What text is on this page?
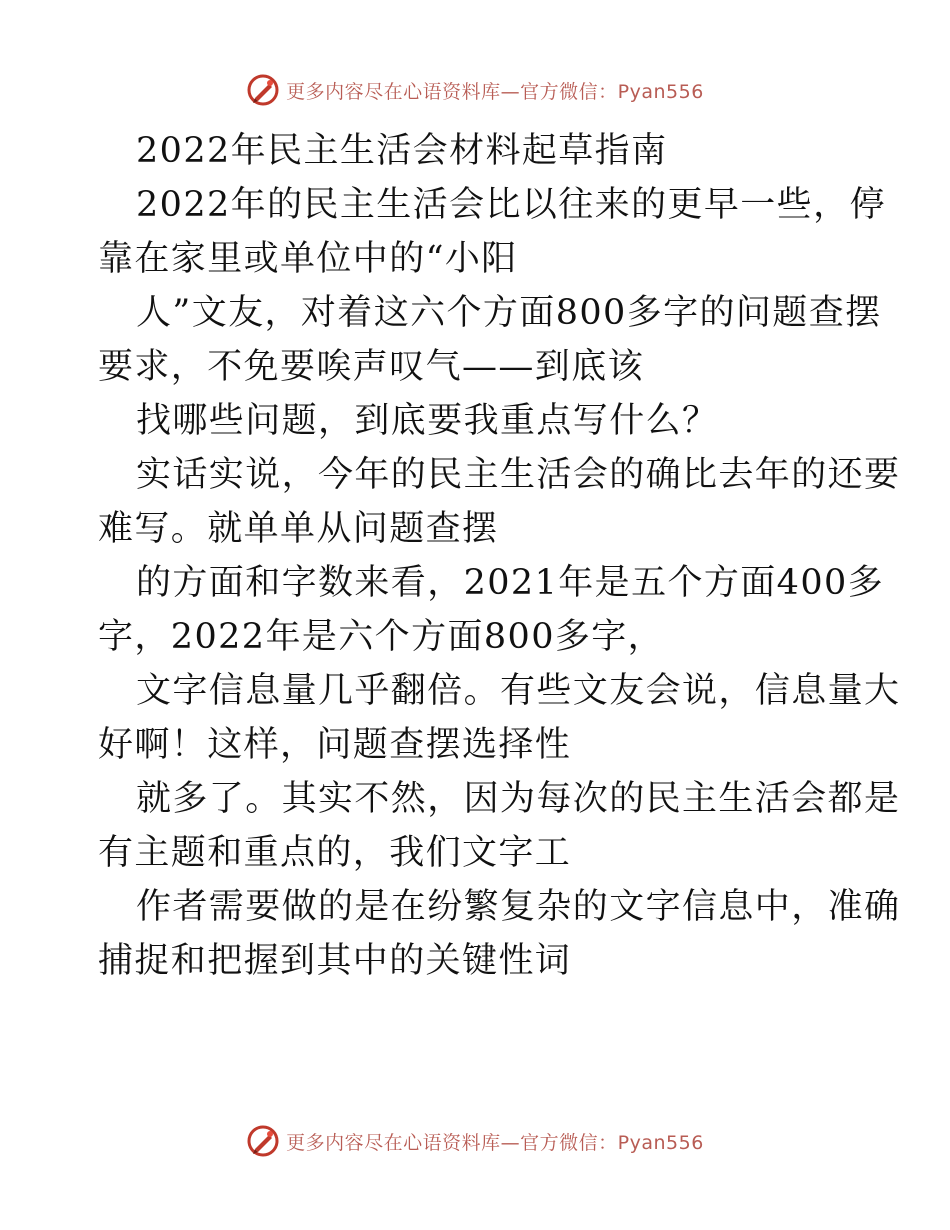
更多内容尽在心语资料库—官方微信：Pyan556
2022年民主生活会材料起草指南
2022年的民主生活会比以往来的更早一些，停
靠在家里或单位中的“小阳
人”文友，对着这六个方面800多字的问题查摆
要求，不免要唉声叹气——到底该
找哪些问题，到底要我重点写什么？
实话实说，今年的民主生活会的确比去年的还要
难写。就单单从问题查摆
的方面和字数来看，2021年是五个方面400多
字，2022年是六个方面800多字，
文字信息量几乎翻倍。有些文友会说，信息量大
好啊！这样，问题查摆选择性
就多了。其实不然，因为每次的民主生活会都是
有主题和重点的，我们文字工
作者需要做的是在纷繁复杂的文字信息中，准确
捕捉和把握到其中的关键性词
更多内容尽在心语资料库—官方微信：Pyan556
